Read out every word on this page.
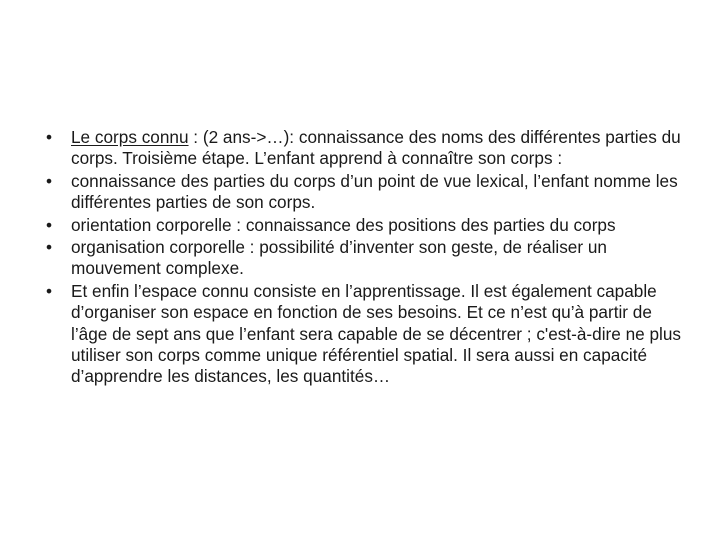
•	Le corps connu : (2 ans->…): connaissance des noms des différentes parties du corps. Troisième étape. L’enfant apprend à connaître son corps :
•	connaissance des parties du corps d’un point de vue lexical, l’enfant nomme les différentes parties de son corps.
•	orientation corporelle : connaissance des positions des parties du corps
•	organisation corporelle : possibilité d’inventer son geste, de réaliser un mouvement complexe.
•	Et enfin l’espace connu consiste en l’apprentissage. Il est également capable d’organiser son espace en fonction de ses besoins. Et ce n’est qu’à partir de l’âge de sept ans que l’enfant sera capable de se décentrer ; c'est-à-dire ne plus utiliser son corps comme unique référentiel spatial. Il sera aussi en capacité d’apprendre les distances, les quantités…
